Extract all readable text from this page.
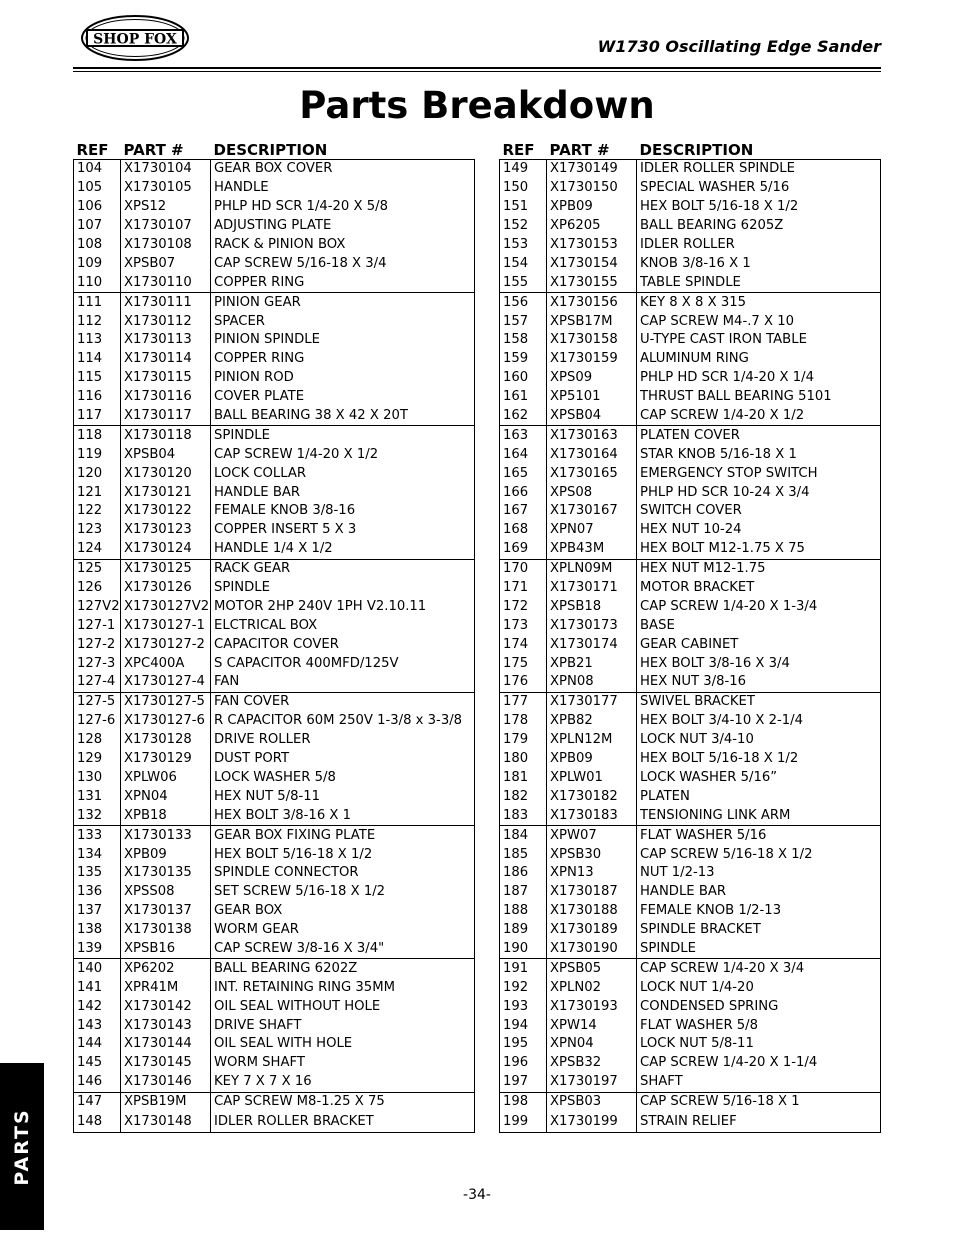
SHOP FOX	W1730 Oscillating Edge Sander
Parts Breakdown
REF	PART #	DESCRIPTION
104	X1730104	GEAR BOX COVER
105	X1730105	HANDLE
106	XPS12	PHLP HD SCR 1/4-20 X 5/8
107	X1730107	ADJUSTING PLATE
108	X1730108	RACK & PINION BOX
109	XPSB07	CAP SCREW 5/16-18 X 3/4
110	X1730110	COPPER RING
111	X1730111	PINION GEAR
112	X1730112	SPACER
113	X1730113	PINION SPINDLE
114	X1730114	COPPER RING
115	X1730115	PINION ROD
116	X1730116	COVER PLATE
117	X1730117	BALL BEARING 38 X 42 X 20T
118	X1730118	SPINDLE
119	XPSB04	CAP SCREW 1/4-20 X 1/2
120	X1730120	LOCK COLLAR
121	X1730121	HANDLE BAR
122	X1730122	FEMALE KNOB 3/8-16
123	X1730123	COPPER INSERT 5 X 3
124	X1730124	HANDLE 1/4 X 1/2
125	X1730125	RACK GEAR
126	X1730126	SPINDLE
127V2	X1730127V2	MOTOR 2HP 240V 1PH V2.10.11
127-1	X1730127-1	ELCTRICAL BOX
127-2	X1730127-2	CAPACITOR COVER
127-3	XPC400A	S CAPACITOR 400MFD/125V
127-4	X1730127-4	FAN
127-5	X1730127-5	FAN COVER
127-6	X1730127-6	R CAPACITOR 60M 250V 1-3/8 x 3-3/8
128	X1730128	DRIVE ROLLER
129	X1730129	DUST PORT
130	XPLW06	LOCK WASHER 5/8
131	XPN04	HEX NUT 5/8-11
132	XPB18	HEX BOLT 3/8-16 X 1
133	X1730133	GEAR BOX FIXING PLATE
134	XPB09	HEX BOLT 5/16-18 X 1/2
135	X1730135	SPINDLE CONNECTOR
136	XPSS08	SET SCREW 5/16-18 X 1/2
137	X1730137	GEAR BOX
138	X1730138	WORM GEAR
139	XPSB16	CAP SCREW 3/8-16 X 3/4"
140	XP6202	BALL BEARING 6202Z
141	XPR41M	INT. RETAINING RING 35MM
142	X1730142	OIL SEAL WITHOUT HOLE
143	X1730143	DRIVE SHAFT
144	X1730144	OIL SEAL WITH HOLE
145	X1730145	WORM SHAFT
146	X1730146	KEY 7 X 7 X 16
147	XPSB19M	CAP SCREW M8-1.25 X 75
148	X1730148	IDLER ROLLER BRACKET
REF	PART #	DESCRIPTION
149	X1730149	IDLER ROLLER SPINDLE
150	X1730150	SPECIAL WASHER 5/16
151	XPB09	HEX BOLT 5/16-18 X 1/2
152	XP6205	BALL BEARING 6205Z
153	X1730153	IDLER ROLLER
154	X1730154	KNOB 3/8-16 X 1
155	X1730155	TABLE SPINDLE
156	X1730156	KEY 8 X 8 X 315
157	XPSB17M	CAP SCREW M4-.7 X 10
158	X1730158	U-TYPE CAST IRON TABLE
159	X1730159	ALUMINUM RING
160	XPS09	PHLP HD SCR 1/4-20 X 1/4
161	XP5101	THRUST BALL BEARING 5101
162	XPSB04	CAP SCREW 1/4-20 X 1/2
163	X1730163	PLATEN COVER
164	X1730164	STAR KNOB 5/16-18 X 1
165	X1730165	EMERGENCY STOP SWITCH
166	XPS08	PHLP HD SCR 10-24 X 3/4
167	X1730167	SWITCH COVER
168	XPN07	HEX NUT 10-24
169	XPB43M	HEX BOLT M12-1.75 X 75
170	XPLN09M	HEX NUT M12-1.75
171	X1730171	MOTOR BRACKET
172	XPSB18	CAP SCREW 1/4-20 X 1-3/4
173	X1730173	BASE
174	X1730174	GEAR CABINET
175	XPB21	HEX BOLT 3/8-16 X 3/4
176	XPN08	HEX NUT 3/8-16
177	X1730177	SWIVEL BRACKET
178	XPB82	HEX BOLT 3/4-10 X 2-1/4
179	XPLN12M	LOCK NUT 3/4-10
180	XPB09	HEX BOLT 5/16-18 X 1/2
181	XPLW01	LOCK WASHER 5/16”
182	X1730182	PLATEN
183	X1730183	TENSIONING LINK ARM
184	XPW07	FLAT WASHER 5/16
185	XPSB30	CAP SCREW 5/16-18 X 1/2
186	XPN13	NUT 1/2-13
187	X1730187	HANDLE BAR
188	X1730188	FEMALE KNOB 1/2-13
189	X1730189	SPINDLE BRACKET
190	X1730190	SPINDLE
191	XPSB05	CAP SCREW 1/4-20 X 3/4
192	XPLN02	LOCK NUT 1/4-20
193	X1730193	CONDENSED SPRING
194	XPW14	FLAT WASHER 5/8
195	XPN04	LOCK NUT 5/8-11
196	XPSB32	CAP SCREW 1/4-20 X 1-1/4
197	X1730197	SHAFT
198	XPSB03	CAP SCREW 5/16-18 X 1
199	X1730199	STRAIN RELIEF
PARTS
-34-
